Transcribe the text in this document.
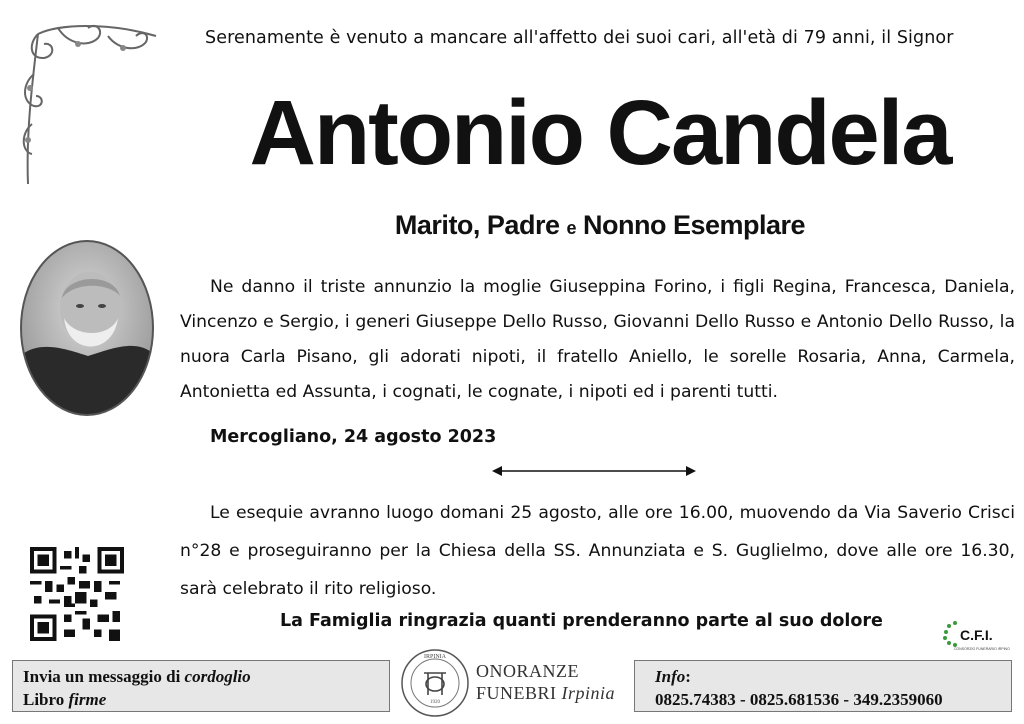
Serenamente è venuto a mancare all'affetto dei suoi cari, all'età di 79 anni, il Signor
Antonio Candela
Marito, Padre e Nonno Esemplare

Ne danno il triste annunzio la moglie Giuseppina Forino, i figli Regina, Francesca, Daniela, Vincenzo e Sergio, i generi Giuseppe Dello Russo, Giovanni Dello Russo e Antonio Dello Russo, la nuora Carla Pisano, gli adorati nipoti, il fratello Aniello, le sorelle Rosaria, Anna, Carmela, Antonietta ed Assunta, i cognati, le cognate, i nipoti ed i parenti tutti.

Mercogliano, 24 agosto 2023

Le esequie avranno luogo domani 25 agosto, alle ore 16.00, muovendo da Via Saverio Crisci n°28 e proseguiranno per la Chiesa della SS. Annunziata e S. Guglielmo, dove alle ore 16.30, sarà celebrato il rito religioso.

La Famiglia ringrazia quanti prenderanno parte al suo dolore
C.F.I.
CONSORZIO FUNERARIO IRPINO
Invia un messaggio di cordoglio
Libro firme
IRPINIA
1920
ONORANZE
FUNEBRI Irpinia
Info:
0825.74383 - 0825.681536 - 349.2359060
